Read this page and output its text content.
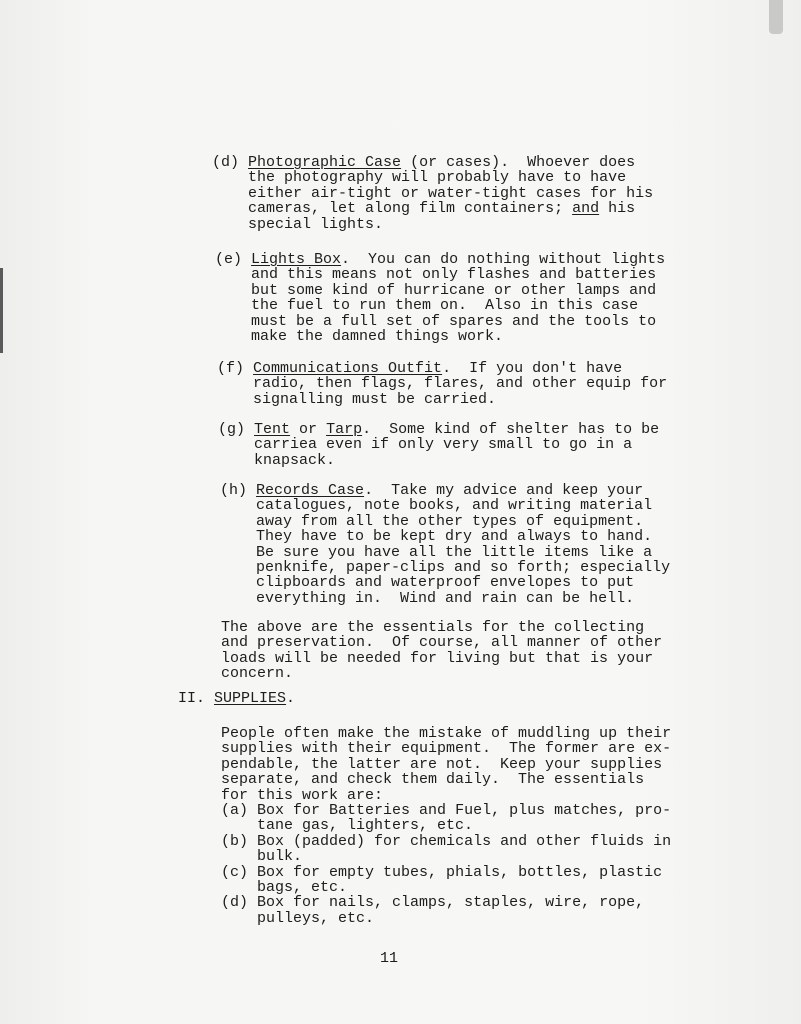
(d) Photographic Case (or cases).  Whoever does
the photography will probably have to have
either air-tight or water-tight cases for his
cameras, let along film containers; and his
special lights.
(e) Lights Box.  You can do nothing without lights
and this means not only flashes and batteries
but some kind of hurricane or other lamps and
the fuel to run them on.  Also in this case
must be a full set of spares and the tools to
make the damned things work.
(f) Communications Outfit.  If you don't have
radio, then flags, flares, and other equip for
signalling must be carried.
(g) Tent or Tarp.  Some kind of shelter has to be
carriea even if only very small to go in a
knapsack.
(h) Records Case.  Take my advice and keep your
catalogues, note books, and writing material
away from all the other types of equipment.
They have to be kept dry and always to hand.
Be sure you have all the little items like a
penknife, paper-clips and so forth; especially
clipboards and waterproof envelopes to put
everything in.  Wind and rain can be hell.
The above are the essentials for the collecting
and preservation.  Of course, all manner of other
loads will be needed for living but that is your
concern.
II. SUPPLIES.
People often make the mistake of muddling up their
supplies with their equipment.  The former are ex-
pendable, the latter are not.  Keep your supplies
separate, and check them daily.  The essentials
for this work are:
(a) Box for Batteries and Fuel, plus matches, pro-
tane gas, lighters, etc.
(b) Box (padded) for chemicals and other fluids in
bulk.
(c) Box for empty tubes, phials, bottles, plastic
bags, etc.
(d) Box for nails, clamps, staples, wire, rope,
pulleys, etc.
11
